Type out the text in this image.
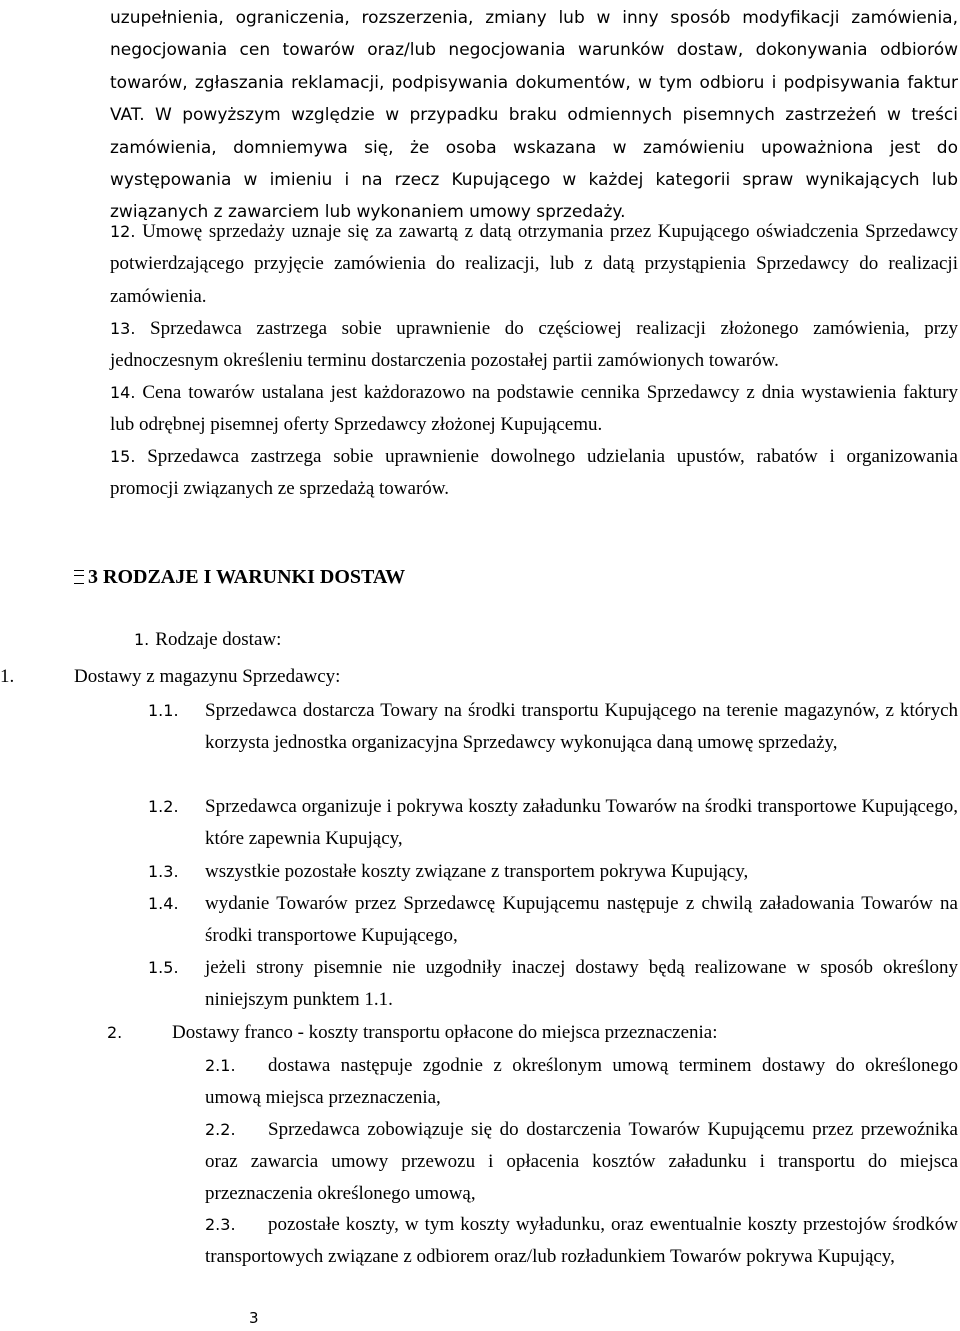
uzupełnienia, ograniczenia, rozszerzenia, zmiany lub w inny sposób modyfikacji zamówienia, negocjowania cen towarów oraz/lub negocjowania warunków dostaw, dokonywania odbiorów towarów, zgłaszania reklamacji, podpisywania dokumentów, w tym odbioru i podpisywania faktur VAT. W powyższym względzie w przypadku braku odmiennych pisemnych zastrzeżeń w treści zamówienia, domniemywa się, że osoba wskazana w zamówieniu upoważniona jest do występowania w imieniu i na rzecz Kupującego w każdej kategorii spraw wynikających lub związanych z zawarciem lub wykonaniem umowy sprzedaży.

12. Umowę sprzedaży uznaje się za zawartą z datą otrzymania przez Kupującego oświadczenia Sprzedawcy potwierdzającego przyjęcie zamówienia do realizacji, lub z datą przystąpienia Sprzedawcy do realizacji zamówienia.

13. Sprzedawca zastrzega sobie uprawnienie do częściowej realizacji złożonego zamówienia, przy jednoczesnym określeniu terminu dostarczenia pozostałej partii zamówionych towarów.

14. Cena towarów ustalana jest każdorazowo na podstawie cennika Sprzedawcy z dnia wystawienia faktury lub odrębnej pisemnej oferty Sprzedawcy złożonej Kupującemu.

15. Sprzedawca zastrzega sobie uprawnienie dowolnego udzielania upustów, rabatów i organizowania promocji związanych ze sprzedażą towarów.

3 RODZAJE I WARUNKI DOSTAW

1. Rodzaje dostaw:

1.	Dostawy z magazynu Sprzedawcy:

1.1. Sprzedawca dostarcza Towary na środki transportu Kupującego na terenie magazynów, z których korzysta jednostka organizacyjna Sprzedawcy wykonująca daną umowę sprzedaży,
1.2. Sprzedawca organizuje i pokrywa koszty załadunku Towarów na środki transportowe Kupującego, które zapewnia Kupujący,
1.3. wszystkie pozostałe koszty związane z transportem pokrywa Kupujący,
1.4. wydanie Towarów przez Sprzedawcę Kupującemu następuje z chwilą załadowania Towarów na środki transportowe Kupującego,
1.5. jeżeli strony pisemnie nie uzgodniły inaczej dostawy będą realizowane w sposób określony niniejszym punktem 1.1.

2.	Dostawy franco - koszty transportu opłacone do miejsca przeznaczenia:

2.1.	dostawa następuje zgodnie z określonym umową terminem dostawy do określonego umową miejsca przeznaczenia,
2.2.	Sprzedawca zobowiązuje się do dostarczenia Towarów Kupującemu przez przewoźnika oraz zawarcia umowy przewozu i opłacenia kosztów załadunku i transportu do miejsca przeznaczenia określonego umową,
2.3.	pozostałe koszty, w tym koszty wyładunku, oraz ewentualnie koszty przestojów środków transportowych związane z odbiorem oraz/lub rozładunkiem Towarów pokrywa Kupujący,
3
